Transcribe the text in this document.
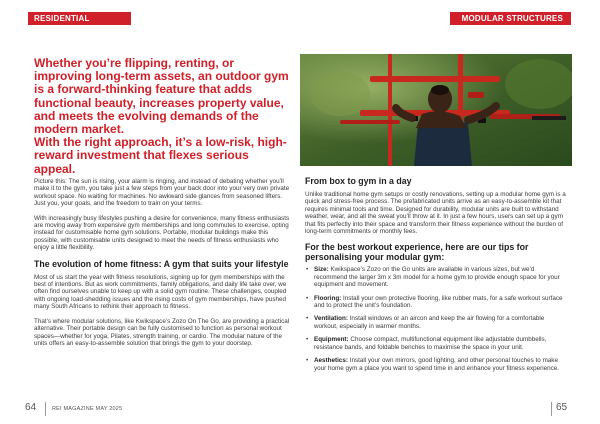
RESIDENTIAL	MODULAR STRUCTURES

Whether you’re flipping, renting, or improving long-term assets, an outdoor gym is a forward-thinking feature that adds functional beauty, increases property value, and meets the evolving demands of the modern market.

With the right approach, it’s a low-risk, high-reward investment that flexes serious appeal.

Picture this: The sun is rising, your alarm is ringing, and instead of debating whether you’ll make it to the gym, you take just a few steps from your back door into your very own private workout space. No waiting for machines. No awkward side glances from seasoned lifters. Just you, your goals, and the freedom to train on your terms.

With increasingly busy lifestyles pushing a desire for convenience, many fitness enthusiasts are moving away from expensive gym memberships and long commutes to exercise, opting instead for customisable home gym solutions. Portable, modular buildings make this possible, with customisable units designed to meet the needs of fitness enthusiasts who enjoy a little flexibility.

The evolution of home fitness: A gym that suits your lifestyle

Most of us start the year with fitness resolutions, signing up for gym memberships with the best of intentions. But as work commitments, family obligations, and daily life take over, we often find ourselves unable to keep up with a solid gym routine. These challenges, coupled with ongoing load-shedding issues and the rising costs of gym memberships, have pushed many South Africans to rethink their approach to fitness.

That’s where modular solutions, like Kwikspace’s Zozo On The Go, are providing a practical alternative. Their portable design can be fully customised to function as personal workout spaces—whether for yoga, Pilates, strength training, or cardio. The modular nature of the units offers an easy-to-assemble solution that brings the gym to your doorstep.

From box to gym in a day

Unlike traditional home gym setups or costly renovations, setting up a modular home gym is a quick and stress-free process. The prefabricated units arrive as an easy-to-assemble kit that requires minimal tools and time. Designed for durability, modular units are built to withstand weather, wear, and all the sweat you’ll throw at it. In just a few hours, users can set up a gym that fits perfectly into their space and transform their fitness experience without the burden of long-term commitments or monthly fees.

For the best workout experience, here are our tips for personalising your modular gym:
• Size: Kwikspace’s Zozo on the Go units are available in various sizes, but we’d recommend the larger 3m x 3m model for a home gym to provide enough space for your equipment and movement.
• Flooring: Install your own protective flooring, like rubber mats, for a safe workout surface and to protect the unit’s foundation.
• Ventilation: Install windows or an aircon and keep the air flowing for a comfortable workout, especially in warmer months.
• Equipment: Choose compact, multifunctional equipment like adjustable dumbbells, resistance bands, and foldable benches to maximise the space in your unit.
• Aesthetics: Install your own mirrors, good lighting, and other personal touches to make your home gym a place you want to spend time in and enhance your fitness experience.
64	REI MAGAZINE MAY 2025	65
